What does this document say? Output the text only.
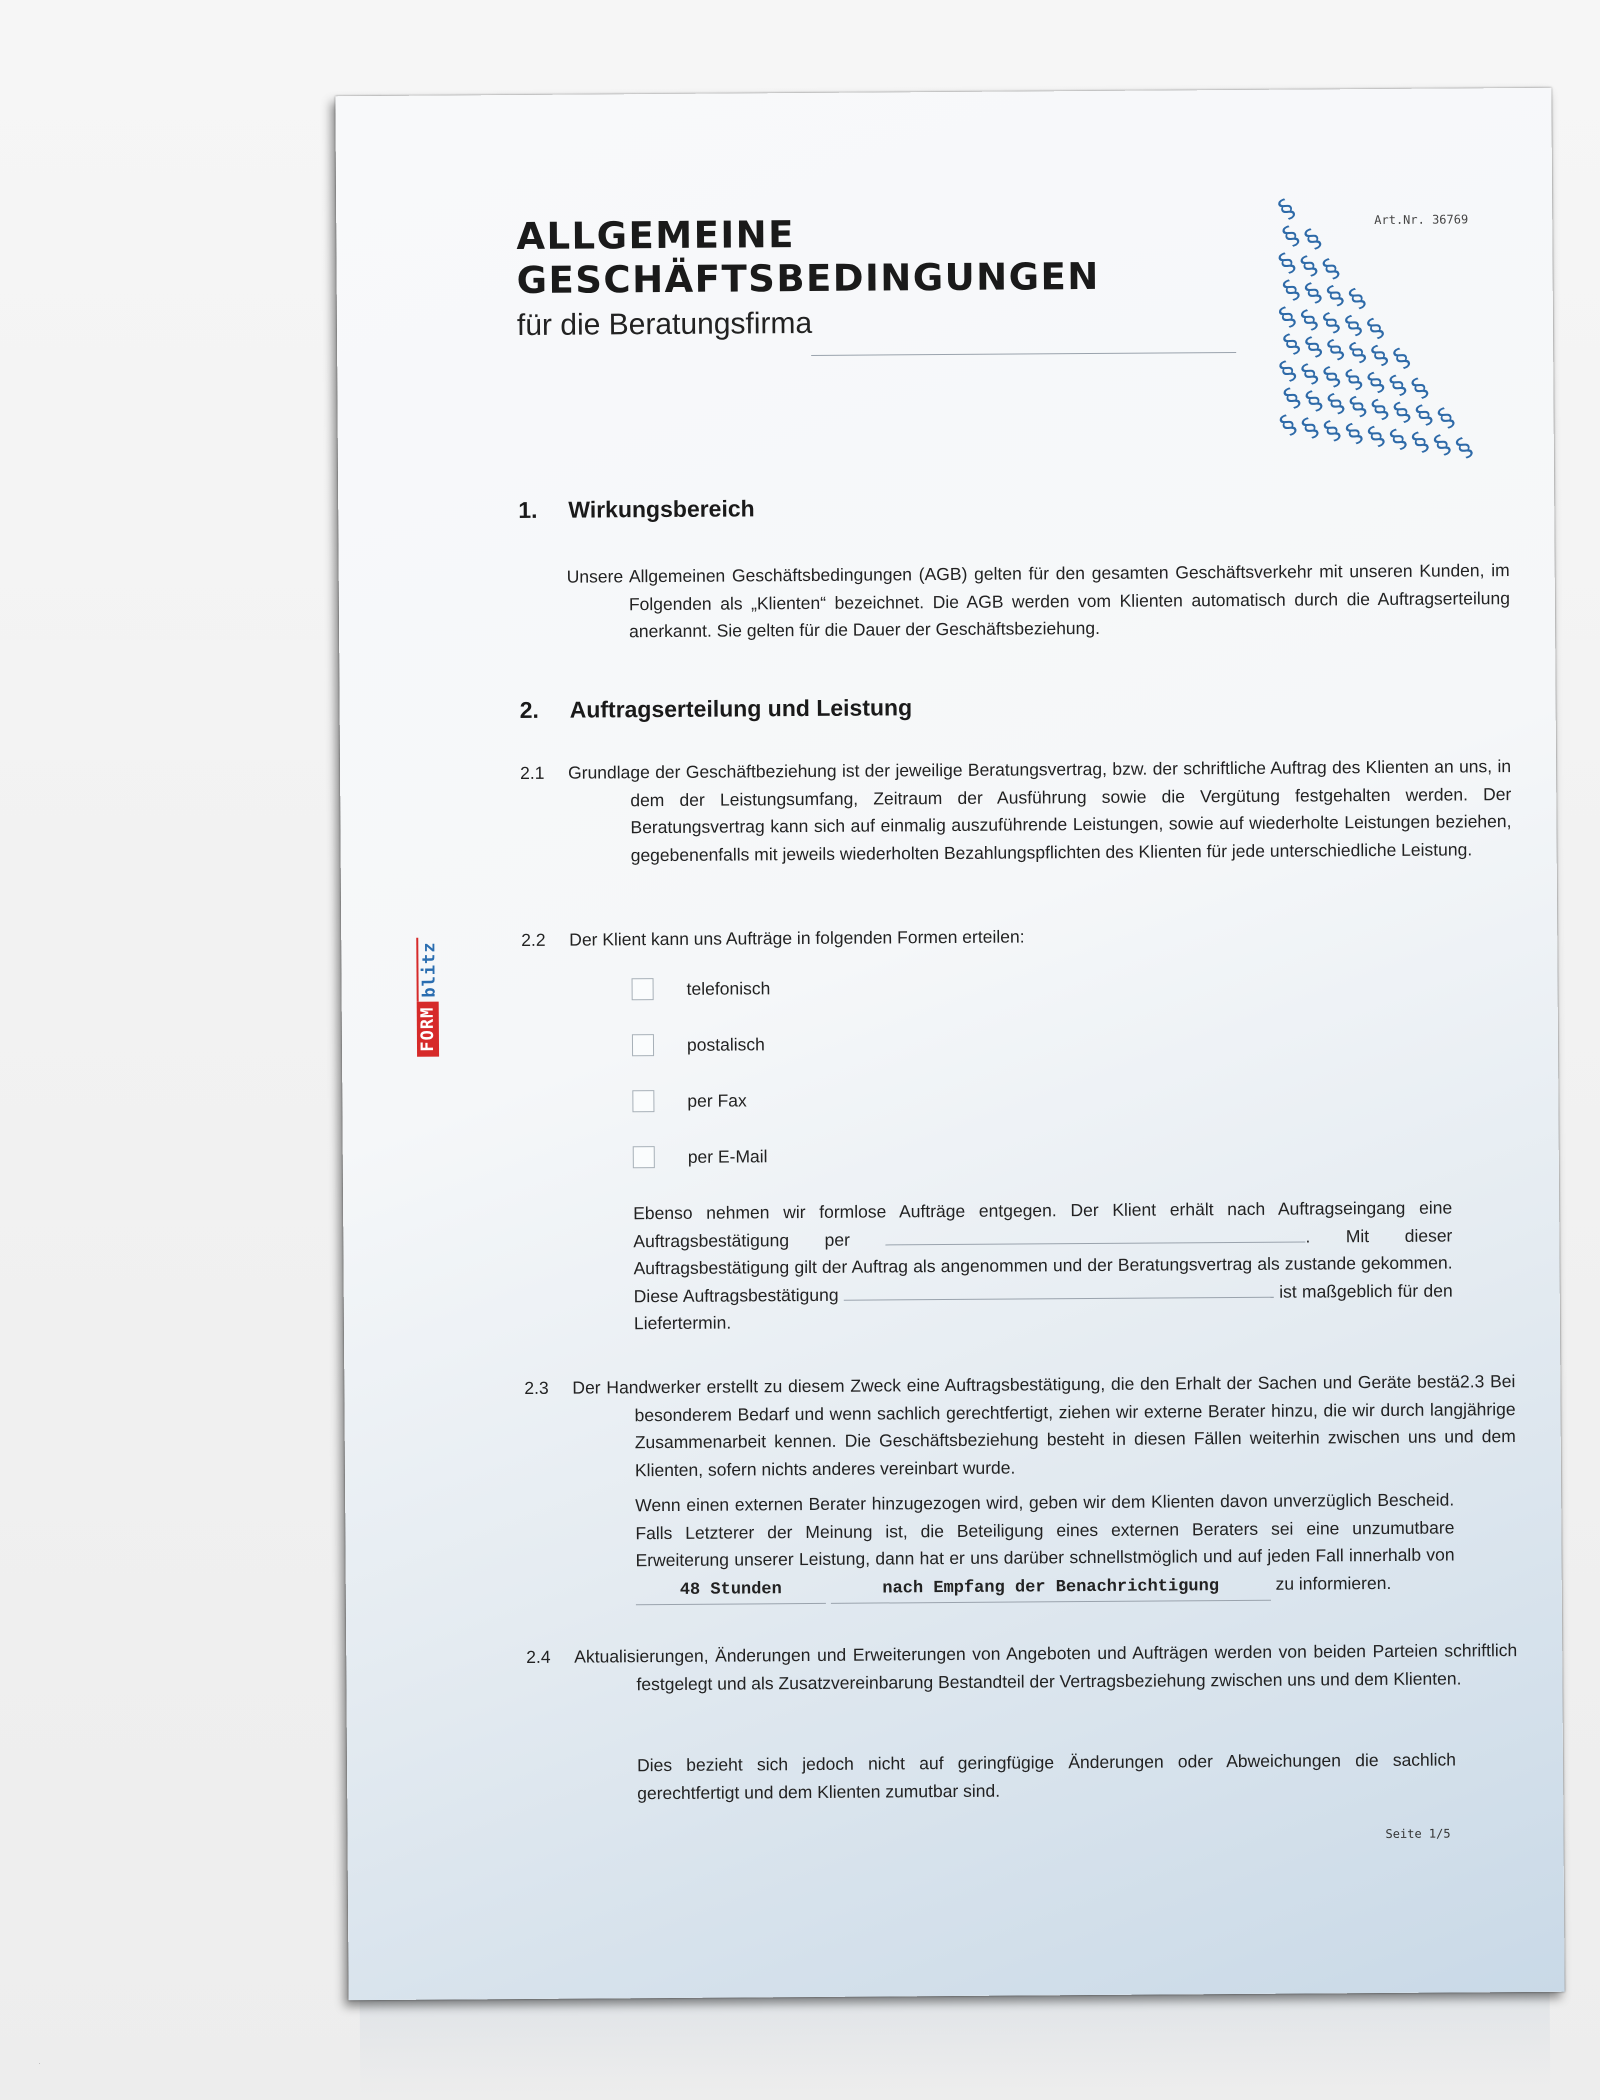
·
ALLGEMEINE
GESCHÄFTSBEDINGUNGEN
für die Beratungsfirma
Art.Nr. 36769
§
§
§
§
§
§
§
§
§
§
§
§
§
§
§
§
§
§
§
§
§
§
§
§
§
§
§
§
§
§
§
§
§
§
§
§
§
§
§
§
§
§
§
§
§
FORM
blitz
1. Wirkungsbereich

Unsere Allgemeinen Geschäftsbedingungen (AGB) gelten für den gesamten Geschäftsverkehr mit unseren Kunden, im Folgenden als „Klienten“ bezeichnet. Die AGB werden vom Klienten automatisch durch die Auftragserteilung anerkannt. Sie gelten für die Dauer der Geschäftsbeziehung.

2. Auftragserteilung und Leistung
2.1 Grundlage der Geschäftbeziehung ist der jeweilige Beratungsvertrag, bzw. der schriftliche Auftrag des Klienten an uns, in dem der Leistungsumfang, Zeitraum der Ausführung sowie die Vergütung festgehalten werden. Der Beratungsvertrag kann sich auf einmalig auszuführende Leistungen, sowie auf wiederholte Leistungen beziehen, gegebenenfalls mit jeweils wiederholten Bezahlungspflichten des Klienten für jede unterschiedliche Leistung.

2.2 Der Klient kann uns Aufträge in folgenden Formen erteilen:

telefonisch
postalisch
per Fax
per E-Mail

Ebenso nehmen wir formlose Aufträge entgegen. Der Klient erhält nach Auftragseingang eine Auftragsbestätigung per	. Mit dieser Auftragsbestätigung gilt der Auftrag als angenommen und der Beratungsvertrag als zustande gekommen. Diese Auftragsbestätigung	ist maßgeblich für den Liefertermin.

2.3 Der Handwerker erstellt zu diesem Zweck eine Auftragsbestätigung, die den Erhalt der Sachen und Geräte bestä2.3 Bei besonderem Bedarf und wenn sachlich gerechtfertigt, ziehen wir externe Berater hinzu, die wir durch langjährige Zusammenarbeit kennen. Die Geschäftsbeziehung besteht in diesen Fällen weiterhin zwischen uns und dem Klienten, sofern nichts anderes vereinbart wurde.

Wenn einen externen Berater hinzugezogen wird, geben wir dem Klienten davon unverzüglich Bescheid. Falls Letzterer der Meinung ist, die Beteiligung eines externen Beraters sei eine unzumutbare Erweiterung unserer Leistung, dann hat er uns darüber schnellstmöglich und auf jeden Fall innerhalb von 48 Stunden	nach Empfang der Benachrichtigung	zu informieren.

2.4 Aktualisierungen, Änderungen und Erweiterungen von Angeboten und Aufträgen werden von beiden Parteien schriftlich festgelegt und als Zusatzvereinbarung Bestandteil der Vertragsbeziehung zwischen uns und dem Klienten.

Dies bezieht sich jedoch nicht auf geringfügige Änderungen oder Abweichungen die sachlich gerechtfertigt und dem Klienten zumutbar sind.

Seite 1/5
